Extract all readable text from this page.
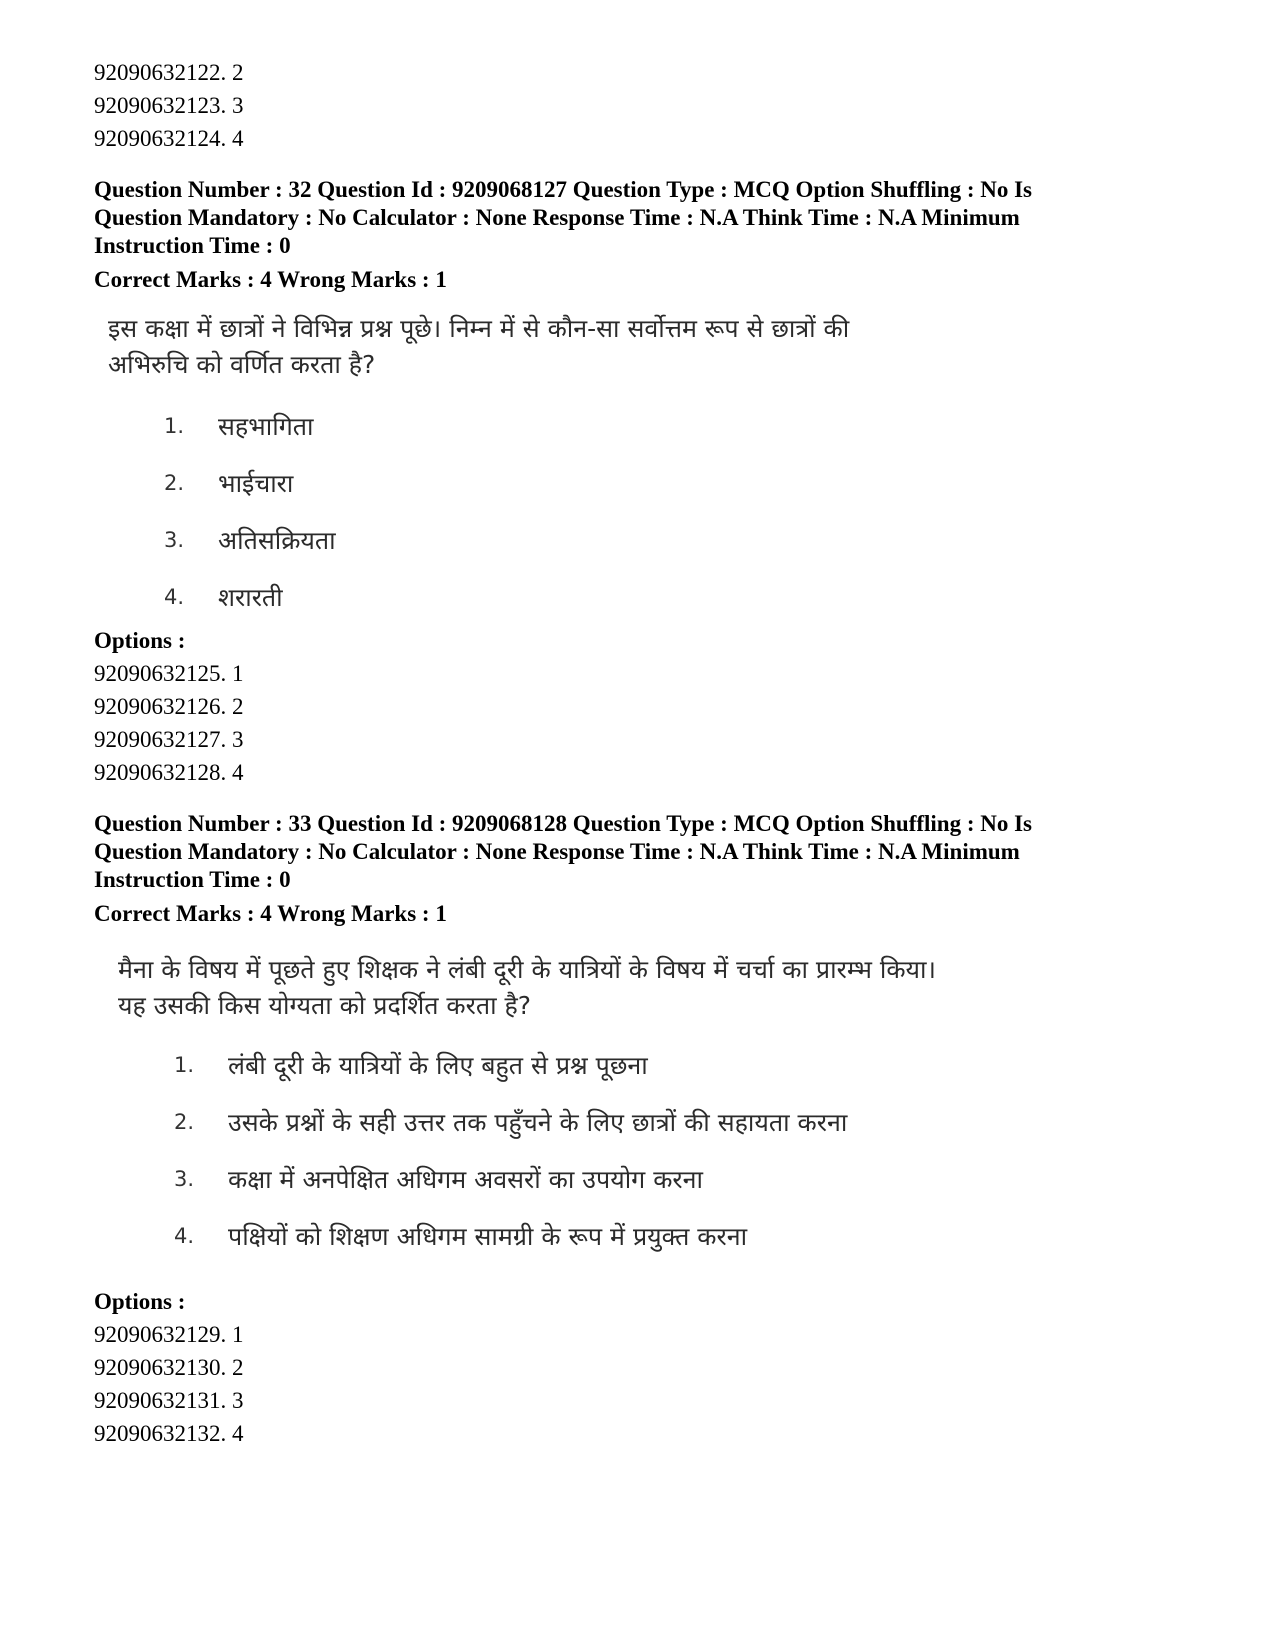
92090632122. 2
92090632123. 3
92090632124. 4
Question Number : 32 Question Id : 9209068127 Question Type : MCQ Option Shuffling : No Is Question Mandatory : No Calculator : None Response Time : N.A Think Time : N.A Minimum Instruction Time : 0
Correct Marks : 4 Wrong Marks : 1
इस कक्षा में छात्रों ने विभिन्न प्रश्न पूछे। निम्न में से कौन-सा सर्वोत्तम रूप से छात्रों की अभिरुचि को वर्णित करता है?
1.	सहभागिता
2.	भाईचारा
3.	अतिसक्रियता
4.	शरारती
Options :
92090632125. 1
92090632126. 2
92090632127. 3
92090632128. 4
Question Number : 33 Question Id : 9209068128 Question Type : MCQ Option Shuffling : No Is Question Mandatory : No Calculator : None Response Time : N.A Think Time : N.A Minimum Instruction Time : 0
Correct Marks : 4 Wrong Marks : 1
मैना के विषय में पूछते हुए शिक्षक ने लंबी दूरी के यात्रियों के विषय में चर्चा का प्रारम्भ किया। यह उसकी किस योग्यता को प्रदर्शित करता है?
1.	लंबी दूरी के यात्रियों के लिए बहुत से प्रश्न पूछना
2.	उसके प्रश्नों के सही उत्तर तक पहुँचने के लिए छात्रों की सहायता करना
3.	कक्षा में अनपेक्षित अधिगम अवसरों का उपयोग करना
4.	पक्षियों को शिक्षण अधिगम सामग्री के रूप में प्रयुक्त करना
Options :
92090632129. 1
92090632130. 2
92090632131. 3
92090632132. 4
